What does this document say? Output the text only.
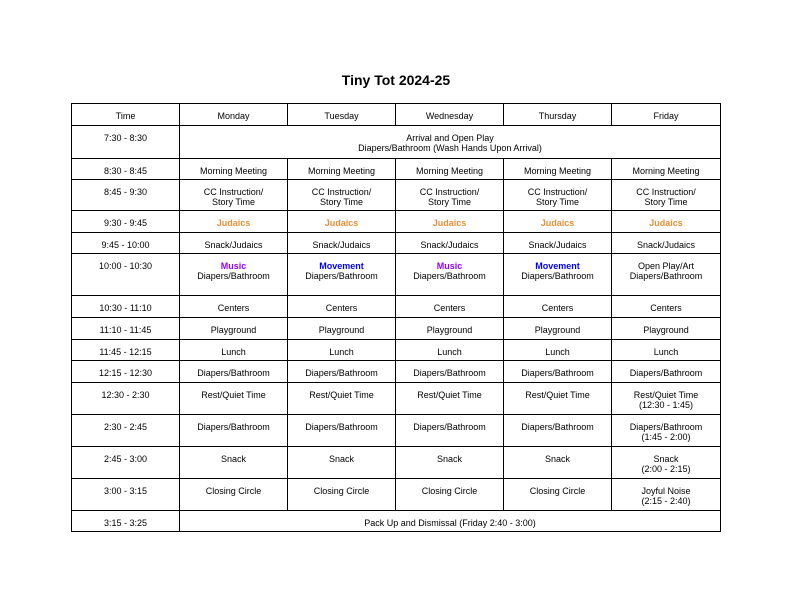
Tiny Tot 2024-25
Time	Monday	Tuesday	Wednesday	Thursday	Friday
7:30 - 8:30	Arrival and Open Play
Diapers/Bathroom (Wash Hands Upon Arrival)				

8:30 - 8:45	Morning Meeting	Morning Meeting	Morning Meeting	Morning Meeting	Morning Meeting

8:45 - 9:30	CC Instruction/
Story Time	CC Instruction/
Story Time	CC Instruction/
Story Time	CC Instruction/
Story Time	CC Instruction/
Story Time

9:30 - 9:45	Judaics	Judaics	Judaics	Judaics	Judaics

9:45 - 10:00	Snack/Judaics	Snack/Judaics	Snack/Judaics	Snack/Judaics	Snack/Judaics

10:00 - 10:30	Music
Diapers/Bathroom	Movement
Diapers/Bathroom	Music
Diapers/Bathroom	Movement
Diapers/Bathroom	Open Play/Art
Diapers/Bathroom

10:30 - 11:10	Centers	Centers	Centers	Centers	Centers

11:10 - 11:45	Playground	Playground	Playground	Playground	Playground

11:45 - 12:15	Lunch	Lunch	Lunch	Lunch	Lunch

12:15 - 12:30	Diapers/Bathroom	Diapers/Bathroom	Diapers/Bathroom	Diapers/Bathroom	Diapers/Bathroom

12:30 - 2:30	Rest/Quiet Time	Rest/Quiet Time	Rest/Quiet Time	Rest/Quiet Time	Rest/Quiet Time
(12:30 - 1:45)

2:30 - 2:45	Diapers/Bathroom	Diapers/Bathroom	Diapers/Bathroom	Diapers/Bathroom	Diapers/Bathroom
(1:45 - 2:00)

2:45 - 3:00	Snack	Snack	Snack	Snack	Snack
(2:00 - 2:15)

3:00 - 3:15	Closing Circle	Closing Circle	Closing Circle	Closing Circle	Joyful Noise
(2:15 - 2:40)

3:15 - 3:25	Pack Up and Dismissal (Friday 2:40 - 3:00)				
